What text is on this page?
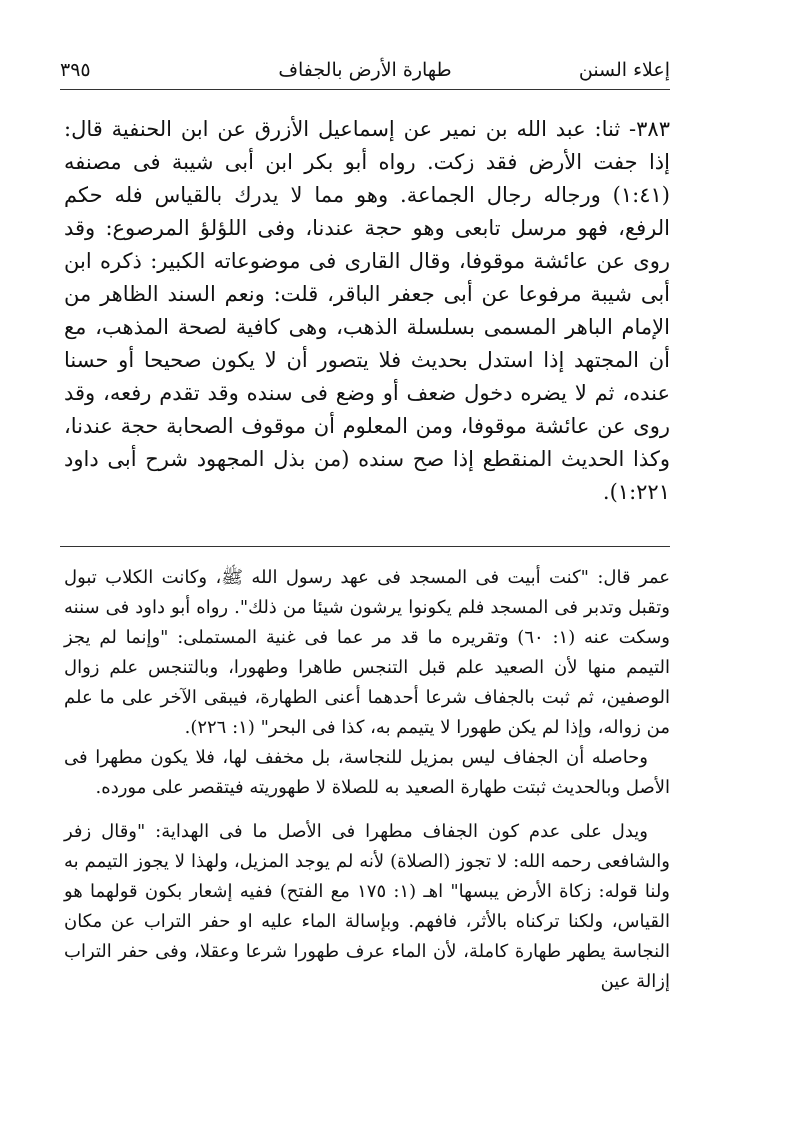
إعلاء السنن
طهارة الأرض بالجفاف
٣٩٥

٣٨٣- ثنا: عبد الله بن نمير عن إسماعيل الأزرق عن ابن الحنفية قال: إذا جفت الأرض فقد زكت. رواه أبو بكر ابن أبى شيبة فى مصنفه (١:٤١) ورجاله رجال الجماعة. وهو مما لا يدرك بالقياس فله حكم الرفع، فهو مرسل تابعى وهو حجة عندنا، وفى اللؤلؤ المرصوع: وقد روى عن عائشة موقوفا، وقال القارى فى موضوعاته الكبير: ذكره ابن أبى شيبة مرفوعا عن أبى جعفر الباقر، قلت: ونعم السند الظاهر من الإمام الباهر المسمى بسلسلة الذهب، وهى كافية لصحة المذهب، مع أن المجتهد إذا استدل بحديث فلا يتصور أن لا يكون صحيحا أو حسنا عنده، ثم لا يضره دخول ضعف أو وضع فى سنده وقد تقدم رفعه، وقد روى عن عائشة موقوفا، ومن المعلوم أن موقوف الصحابة حجة عندنا، وكذا الحديث المنقطع إذا صح سنده (من بذل المجهود شرح أبى داود ١:٢٢١).

عمر قال: "كنت أبيت فى المسجد فى عهد رسول الله ﷺ، وكانت الكلاب تبول وتقبل وتدبر فى المسجد فلم يكونوا يرشون شيئا من ذلك". رواه أبو داود فى سننه وسكت عنه (١: ٦٠) وتقريره ما قد مر عما فى غنية المستملى: "وإنما لم يجز التيمم منها لأن الصعيد علم قبل التنجس طاهرا وطهورا، وبالتنجس علم زوال الوصفين، ثم ثبت بالجفاف شرعا أحدهما أعنى الطهارة، فيبقى الآخر على ما علم من زواله، وإذا لم يكن طهورا لا يتيمم به، كذا فى البحر" (١: ٢٢٦).

وحاصله أن الجفاف ليس بمزيل للنجاسة، بل مخفف لها، فلا يكون مطهرا فى الأصل وبالحديث ثبتت طهارة الصعيد به للصلاة لا طهوريته فيتقصر على مورده.

ويدل على عدم كون الجفاف مطهرا فى الأصل ما فى الهداية: "وقال زفر والشافعى رحمه الله: لا تجوز (الصلاة) لأنه لم يوجد المزيل، ولهذا لا يجوز التيمم به ولنا قوله: زكاة الأرض يبسها" اهـ (١: ١٧٥ مع الفتح) ففيه إشعار بكون قولهما هو القياس، ولكنا تركناه بالأثر، فافهم. وبإسالة الماء عليه او حفر التراب عن مكان النجاسة يطهر طهارة كاملة، لأن الماء عرف طهورا شرعا وعقلا، وفى حفر التراب إزالة عين
